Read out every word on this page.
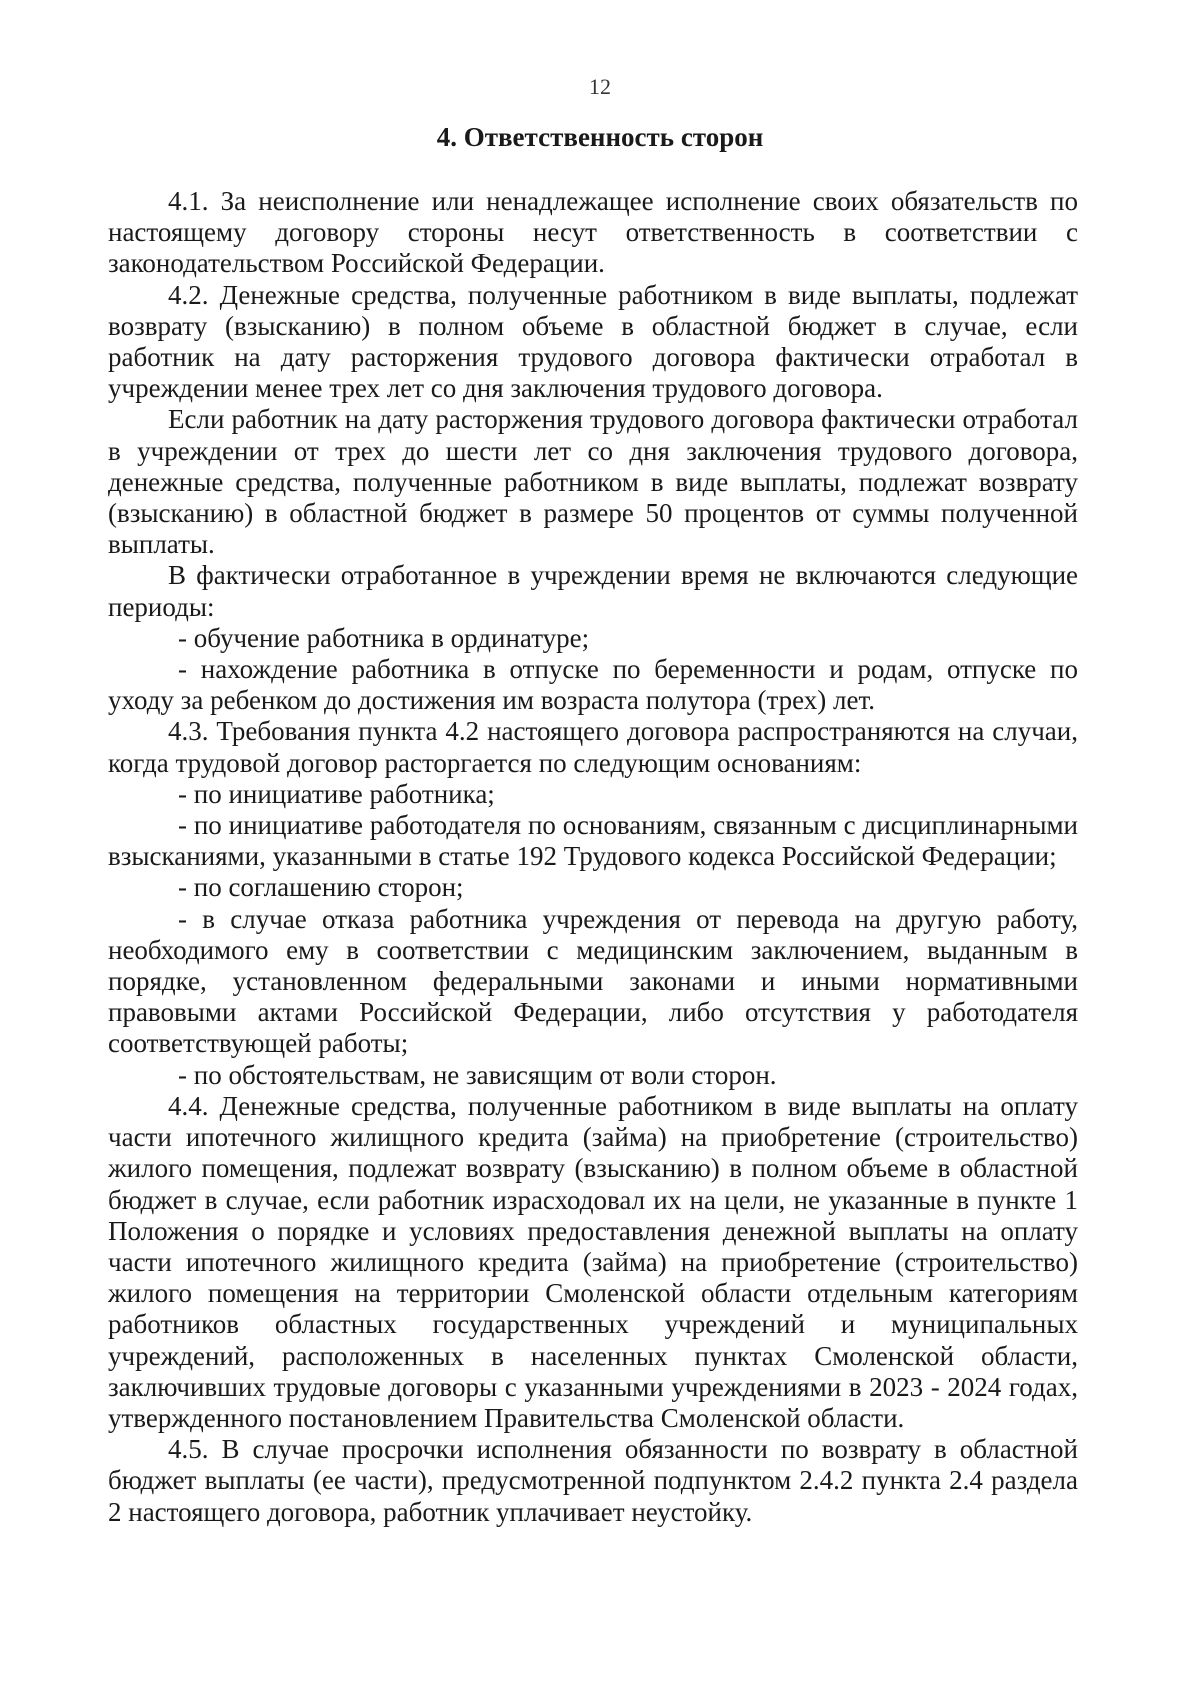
12
4. Ответственность сторон

4.1. За неисполнение или ненадлежащее исполнение своих обязательств по настоящему договору стороны несут ответственность в соответствии с законодательством Российской Федерации.

4.2. Денежные средства, полученные работником в виде выплаты, подлежат возврату (взысканию) в полном объеме в областной бюджет в случае, если работник на дату расторжения трудового договора фактически отработал в учреждении менее трех лет со дня заключения трудового договора.

Если работник на дату расторжения трудового договора фактически отработал в учреждении от трех до шести лет со дня заключения трудового договора, денежные средства, полученные работником в виде выплаты, подлежат возврату (взысканию) в областной бюджет в размере 50 процентов от суммы полученной выплаты.

В фактически отработанное в учреждении время не включаются следующие периоды:

- обучение работника в ординатуре;

- нахождение работника в отпуске по беременности и родам, отпуске по уходу за ребенком до достижения им возраста полутора (трех) лет.

4.3. Требования пункта 4.2 настоящего договора распространяются на случаи, когда трудовой договор расторгается по следующим основаниям:

- по инициативе работника;

- по инициативе работодателя по основаниям, связанным с дисциплинарными взысканиями, указанными в статье 192 Трудового кодекса Российской Федерации;

- по соглашению сторон;

- в случае отказа работника учреждения от перевода на другую работу, необходимого ему в соответствии с медицинским заключением, выданным в порядке, установленном федеральными законами и иными нормативными правовыми актами Российской Федерации, либо отсутствия у работодателя соответствующей работы;

- по обстоятельствам, не зависящим от воли сторон.

4.4. Денежные средства, полученные работником в виде выплаты на оплату части ипотечного жилищного кредита (займа) на приобретение (строительство) жилого помещения, подлежат возврату (взысканию) в полном объеме в областной бюджет в случае, если работник израсходовал их на цели, не указанные в пункте 1 Положения о порядке и условиях предоставления денежной выплаты на оплату части ипотечного жилищного кредита (займа) на приобретение (строительство) жилого помещения на территории Смоленской области отдельным категориям работников областных государственных учреждений и муниципальных учреждений, расположенных в населенных пунктах Смоленской области, заключивших трудовые договоры с указанными учреждениями в 2023 - 2024 годах, утвержденного постановлением Правительства Смоленской области.

4.5. В случае просрочки исполнения обязанности по возврату в областной бюджет выплаты (ее части), предусмотренной подпунктом 2.4.2 пункта 2.4 раздела 2 настоящего договора, работник уплачивает неустойку.
